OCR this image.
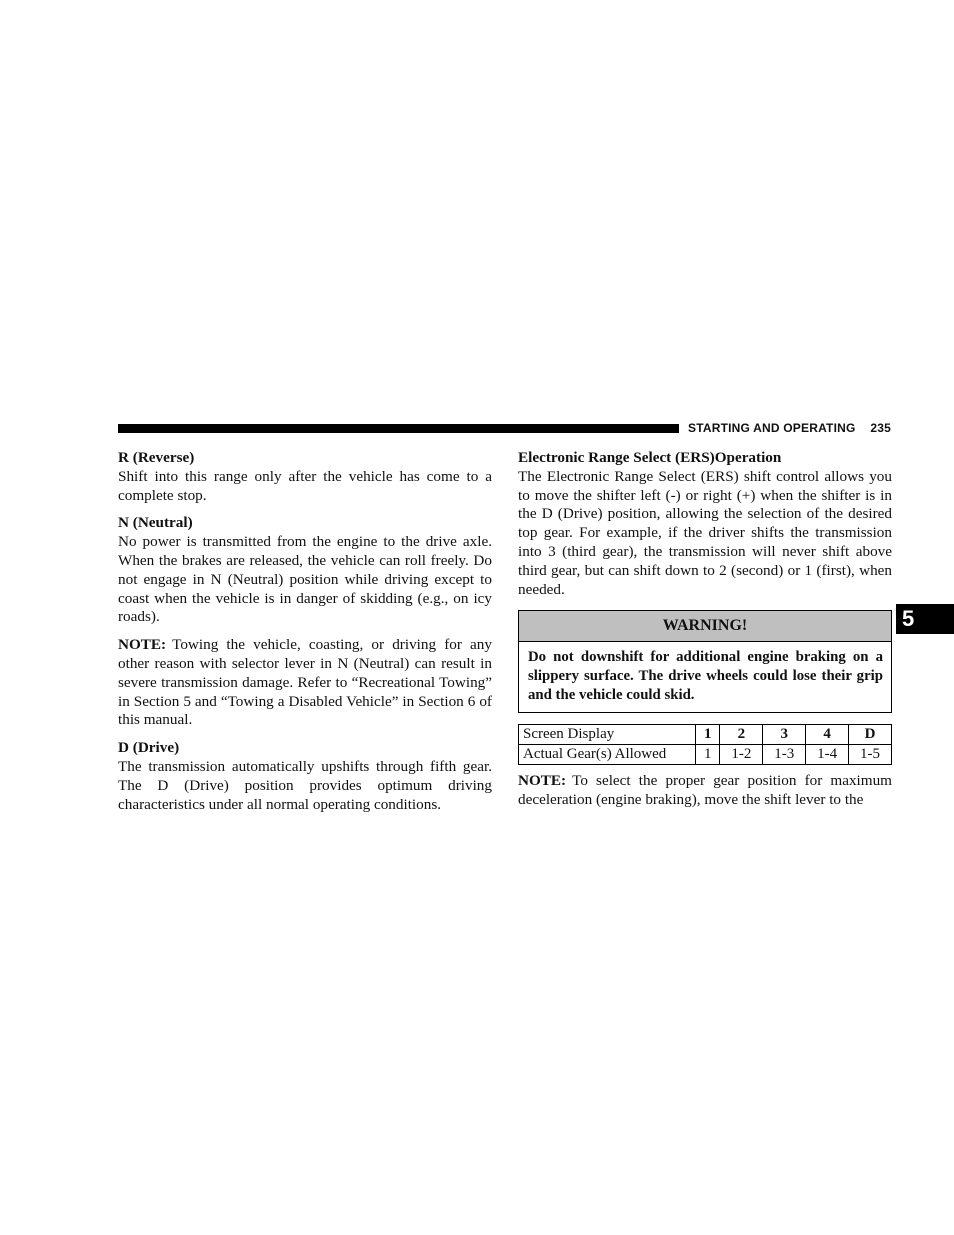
STARTING AND OPERATING 235

R (Reverse)

Shift into this range only after the vehicle has come to a complete stop.

N (Neutral)

No power is transmitted from the engine to the drive axle. When the brakes are released, the vehicle can roll freely. Do not engage in N (Neutral) position while driving except to coast when the vehicle is in danger of skidding (e.g., on icy roads).

NOTE: Towing the vehicle, coasting, or driving for any other reason with selector lever in N (Neutral) can result in severe transmission damage. Refer to “Recreational Towing” in Section 5 and “Towing a Disabled Vehicle” in Section 6 of this manual.

D (Drive)

The transmission automatically upshifts through fifth gear. The D (Drive) position provides optimum driving characteristics under all normal operating conditions.

Electronic Range Select (ERS)Operation

The Electronic Range Select (ERS) shift control allows you to move the shifter left (-) or right (+) when the shifter is in the D (Drive) position, allowing the selection of the desired top gear. For example, if the driver shifts the transmission into 3 (third gear), the transmission will never shift above third gear, but can shift down to 2 (second) or 1 (first), when needed.

WARNING!
Do not downshift for additional engine braking on a slippery surface. The drive wheels could lose their grip and the vehicle could skid.
Screen Display	1	2	3	4	D
Actual Gear(s) Allowed	1	1-2	1-3	1-4	1-5

NOTE: To select the proper gear position for maximum deceleration (engine braking), move the shift lever to the

5
